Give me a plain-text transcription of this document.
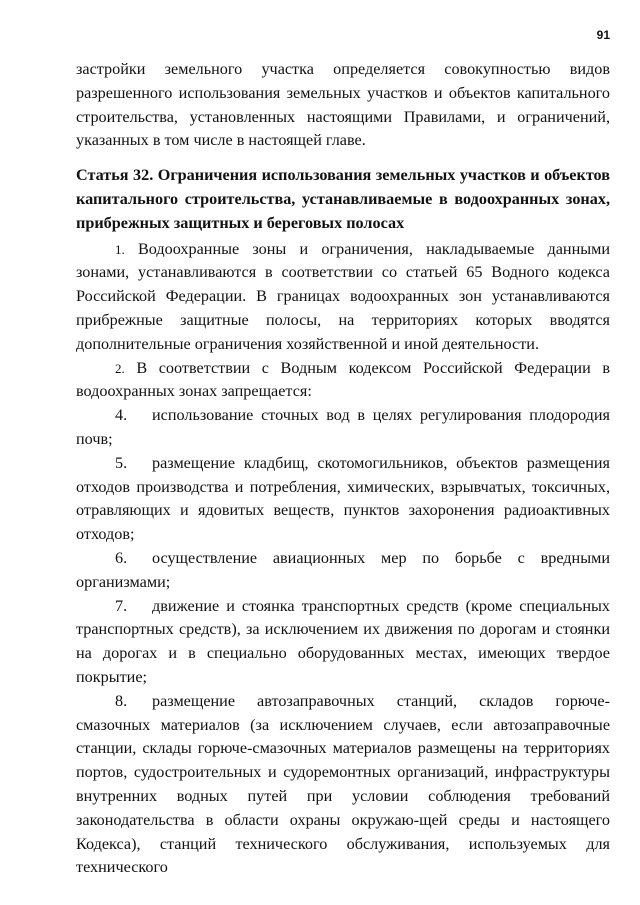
91

застройки земельного участка определяется совокупностью видов разрешенного использования земельных участков и объектов капитального строительства, установленных настоящими Правилами, и ограничений, указанных в том числе в настоящей главе.

Статья 32. Ограничения использования земельных участков и объектов капитального строительства, устанавливаемые в водоохранных зонах, прибрежных защитных и береговых полосах

1. Водоохранные зоны и ограничения, накладываемые данными зонами, устанавливаются в соответствии со статьей 65 Водного кодекса Российской Федерации. В границах водоохранных зон устанавливаются прибрежные защитные полосы, на территориях которых вводятся дополнительные ограничения хозяйственной и иной деятельности.

2. В соответствии с Водным кодексом Российской Федерации в водоохранных зонах запрещается:

4. использование сточных вод в целях регулирования плодородия почв;

5. размещение кладбищ, скотомогильников, объектов размещения отходов производства и потребления, химических, взрывчатых, токсичных, отравляющих и ядовитых веществ, пунктов захоронения радиоактивных отходов;

6. осуществление авиационных мер по борьбе с вредными организмами;

7. движение и стоянка транспортных средств (кроме специальных транспортных средств), за исключением их движения по дорогам и стоянки на дорогах и в специально оборудованных местах, имеющих твердое покрытие;

8. размещение автозаправочных станций, складов горюче-смазочных материалов (за исключением случаев, если автозаправочные станции, склады горюче-смазочных материалов размещены на территориях портов, судостроительных и судоремонтных организаций, инфраструктуры внутренних водных путей при условии соблюдения требований законодательства в области охраны окружаю-щей среды и настоящего Кодекса), станций технического обслуживания, используемых для технического
